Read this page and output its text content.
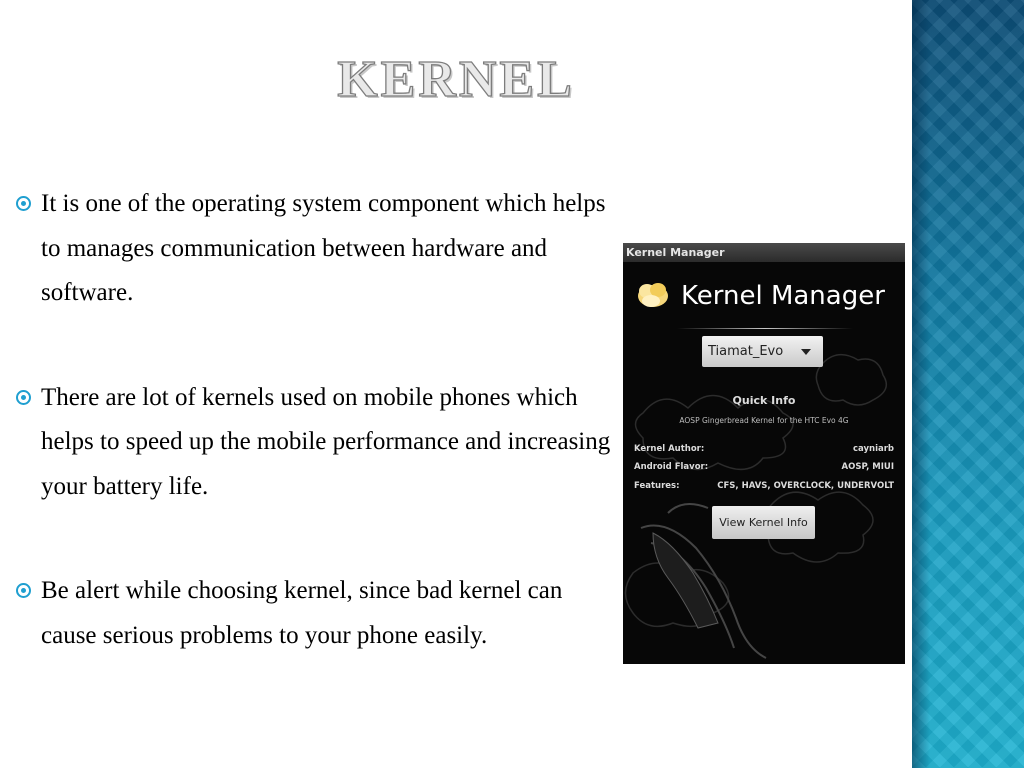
KERNEL
It is one of the operating system component which helps to manages communication between hardware and software.
There are lot of kernels used on mobile phones which helps to speed up the mobile performance and increasing your battery life.
Be alert while choosing kernel, since bad kernel can cause serious problems to your phone easily.
Kernel Manager
Kernel Manager
Tiamat_Evo
Quick Info
AOSP Gingerbread Kernel for the HTC Evo 4G
Kernel Author:	cayniarb
Android Flavor:	AOSP, MIUI
Features:	CFS, HAVS, OVERCLOCK, UNDERVOLT
View Kernel Info
